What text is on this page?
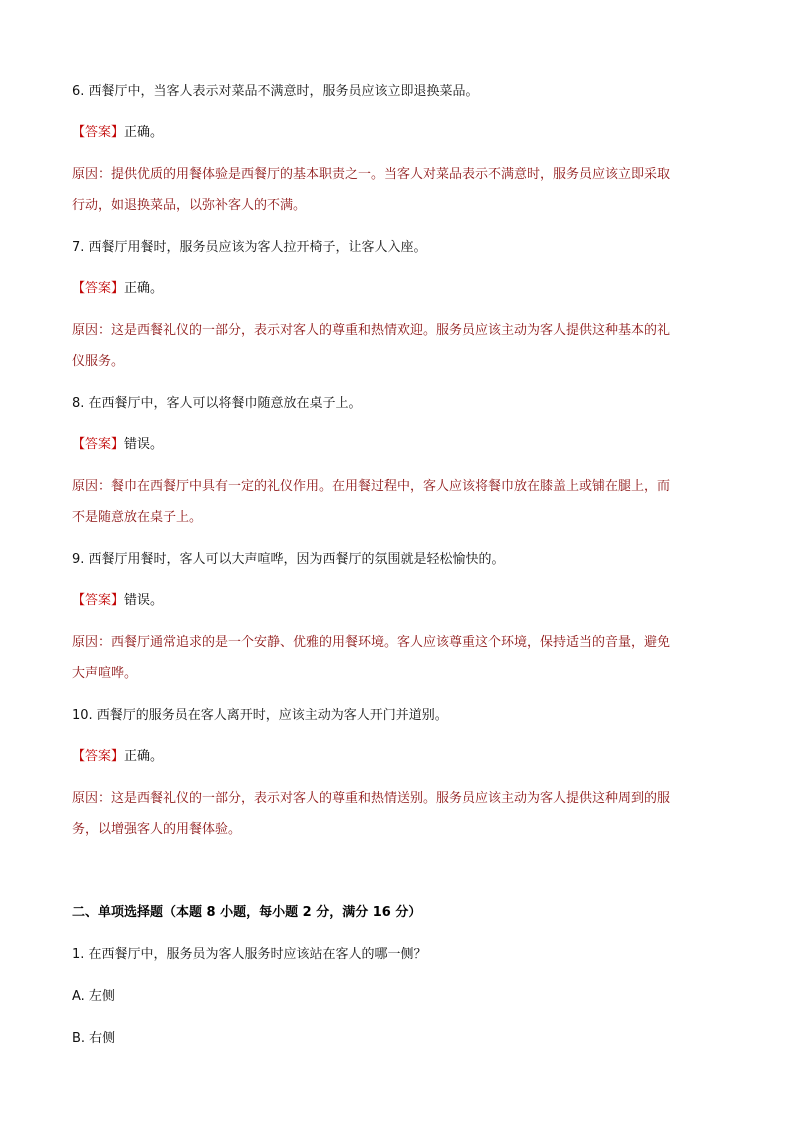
6. 西餐厅中，当客人表示对菜品不满意时，服务员应该立即退换菜品。
【答案】正确。
原因：提供优质的用餐体验是西餐厅的基本职责之一。当客人对菜品表示不满意时，服务员应该立即采取
行动，如退换菜品，以弥补客人的不满。
7. 西餐厅用餐时，服务员应该为客人拉开椅子，让客人入座。
【答案】正确。
原因：这是西餐礼仪的一部分，表示对客人的尊重和热情欢迎。服务员应该主动为客人提供这种基本的礼
仪服务。
8. 在西餐厅中，客人可以将餐巾随意放在桌子上。
【答案】错误。
原因：餐巾在西餐厅中具有一定的礼仪作用。在用餐过程中，客人应该将餐巾放在膝盖上或铺在腿上，而
不是随意放在桌子上。
9. 西餐厅用餐时，客人可以大声喧哗，因为西餐厅的氛围就是轻松愉快的。
【答案】错误。
原因：西餐厅通常追求的是一个安静、优雅的用餐环境。客人应该尊重这个环境，保持适当的音量，避免
大声喧哗。
10. 西餐厅的服务员在客人离开时，应该主动为客人开门并道别。
【答案】正确。
原因：这是西餐礼仪的一部分，表示对客人的尊重和热情送别。服务员应该主动为客人提供这种周到的服
务，以增强客人的用餐体验。
二、单项选择题（本题 8 小题，每小题 2 分，满分 16 分）
1. 在西餐厅中，服务员为客人服务时应该站在客人的哪一侧？
A. 左侧
B. 右侧
